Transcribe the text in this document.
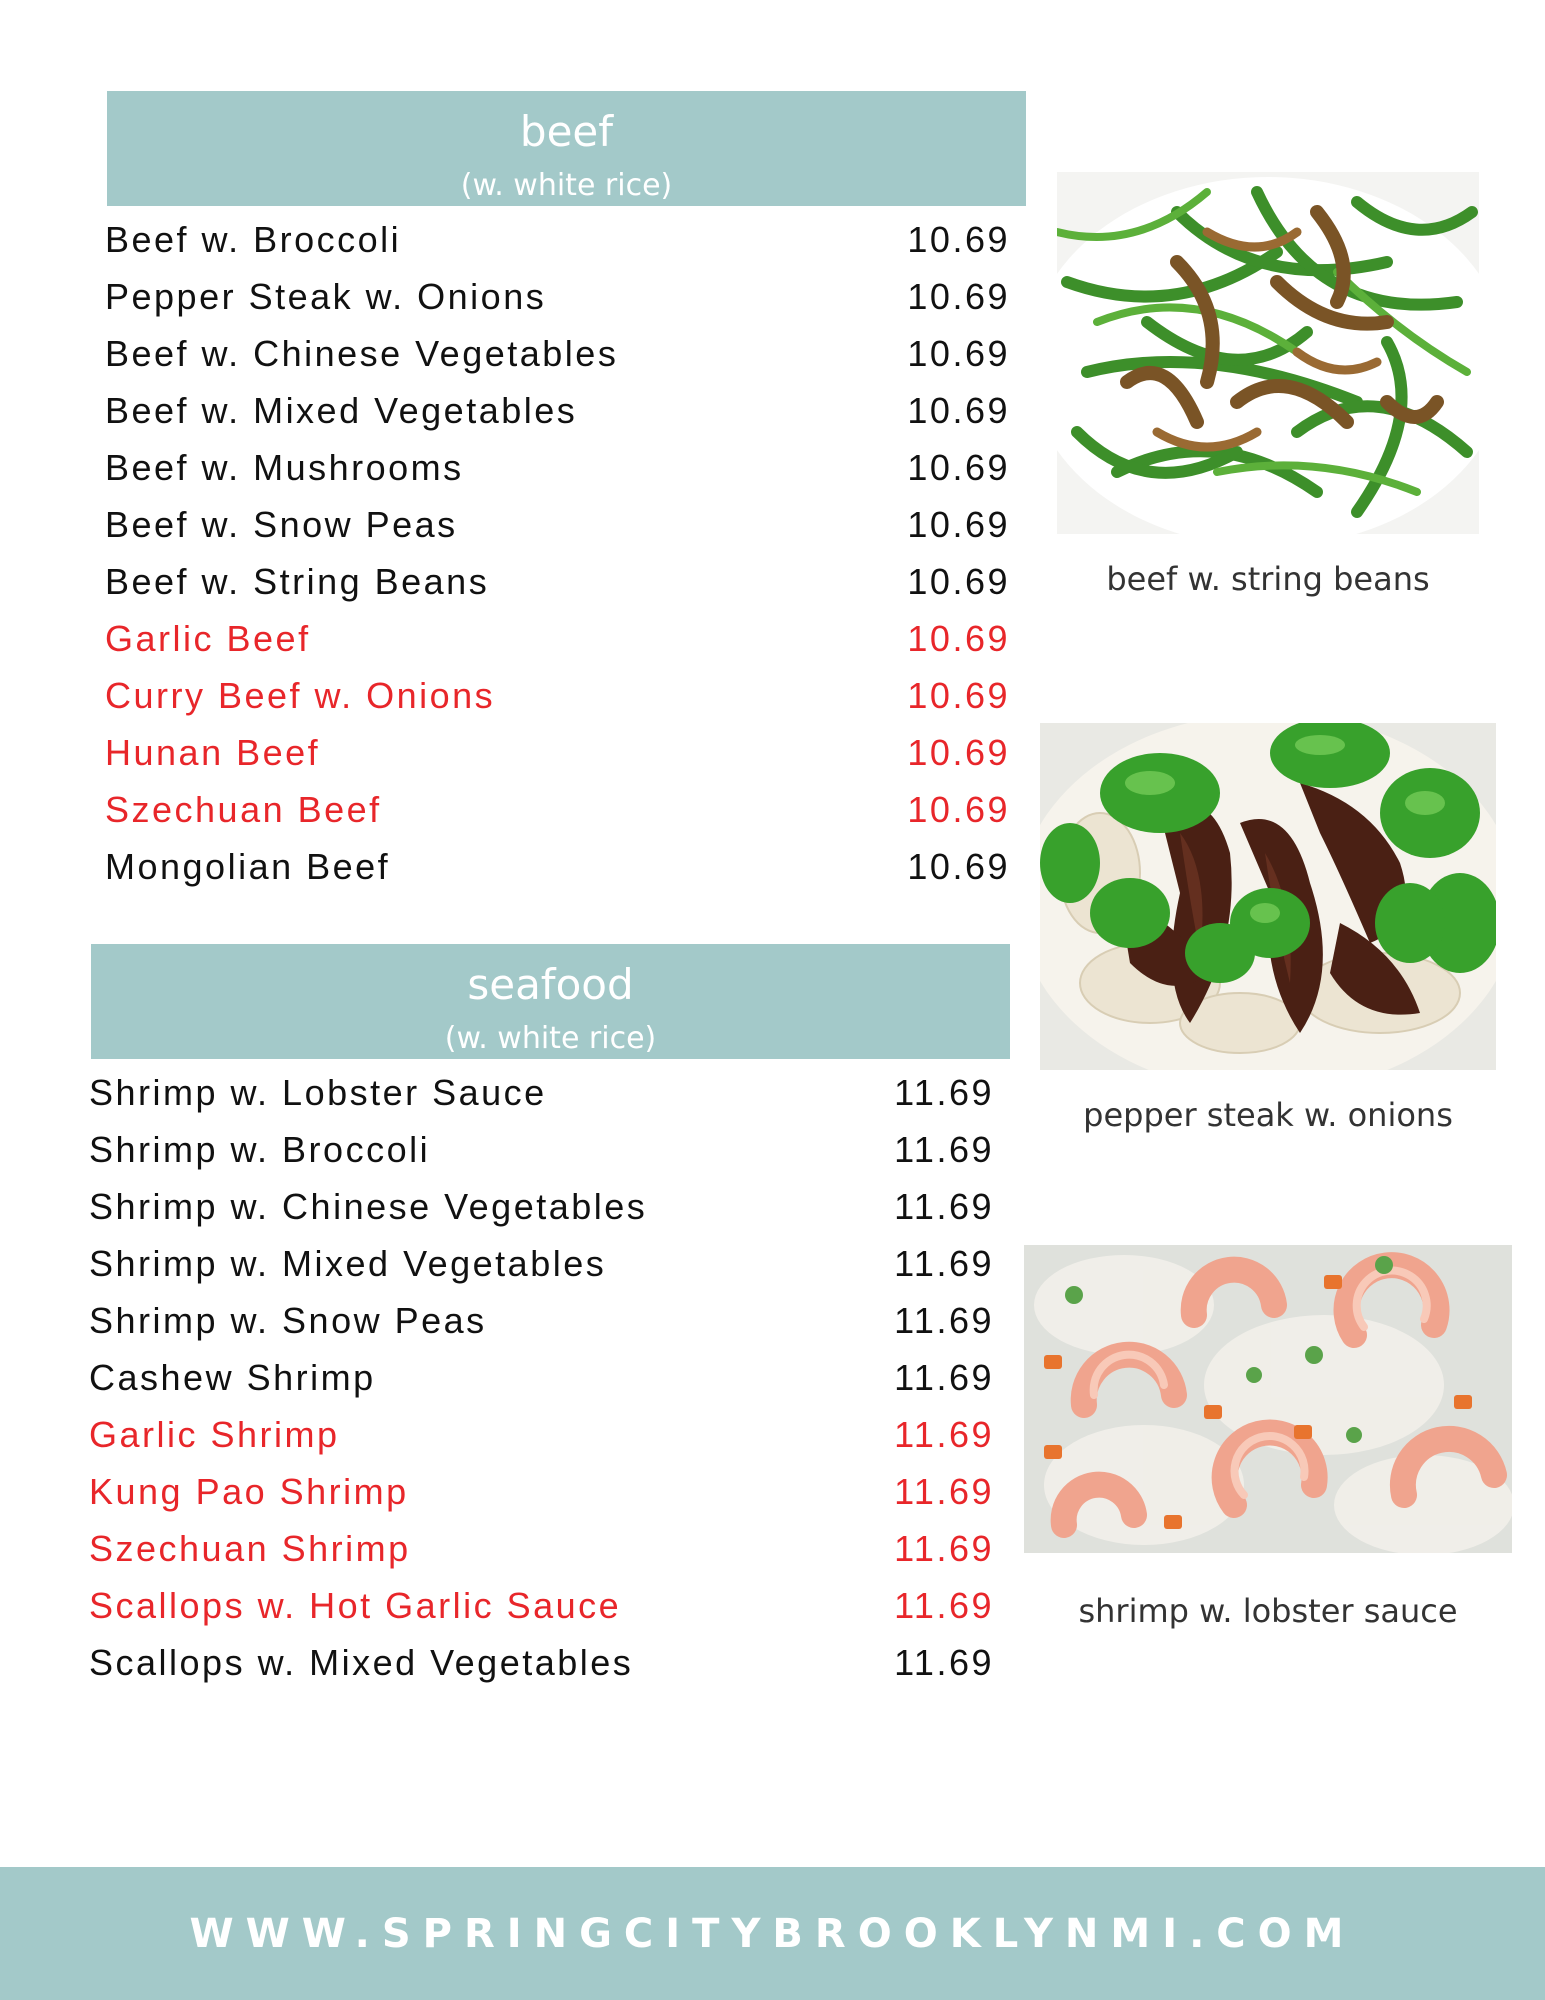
beef
(w. white rice)
Beef w. Broccoli	10.69
Pepper Steak w. Onions	10.69
Beef w. Chinese Vegetables	10.69
Beef w. Mixed Vegetables	10.69
Beef w. Mushrooms	10.69
Beef w. Snow Peas	10.69
Beef w. String Beans	10.69
Garlic Beef	10.69
Curry Beef w. Onions	10.69
Hunan Beef	10.69
Szechuan Beef	10.69
Mongolian Beef	10.69
seafood
(w. white rice)
Shrimp w. Lobster Sauce	11.69
Shrimp w. Broccoli	11.69
Shrimp w. Chinese Vegetables	11.69
Shrimp w. Mixed Vegetables	11.69
Shrimp w. Snow Peas	11.69
Cashew Shrimp	11.69
Garlic Shrimp	11.69
Kung Pao Shrimp	11.69
Szechuan Shrimp	11.69
Scallops w. Hot Garlic Sauce	11.69
Scallops w. Mixed Vegetables	11.69
beef w. string beans
pepper steak w. onions
shrimp w. lobster sauce
WWW.SPRINGCITYBROOKLYNMI.COM
